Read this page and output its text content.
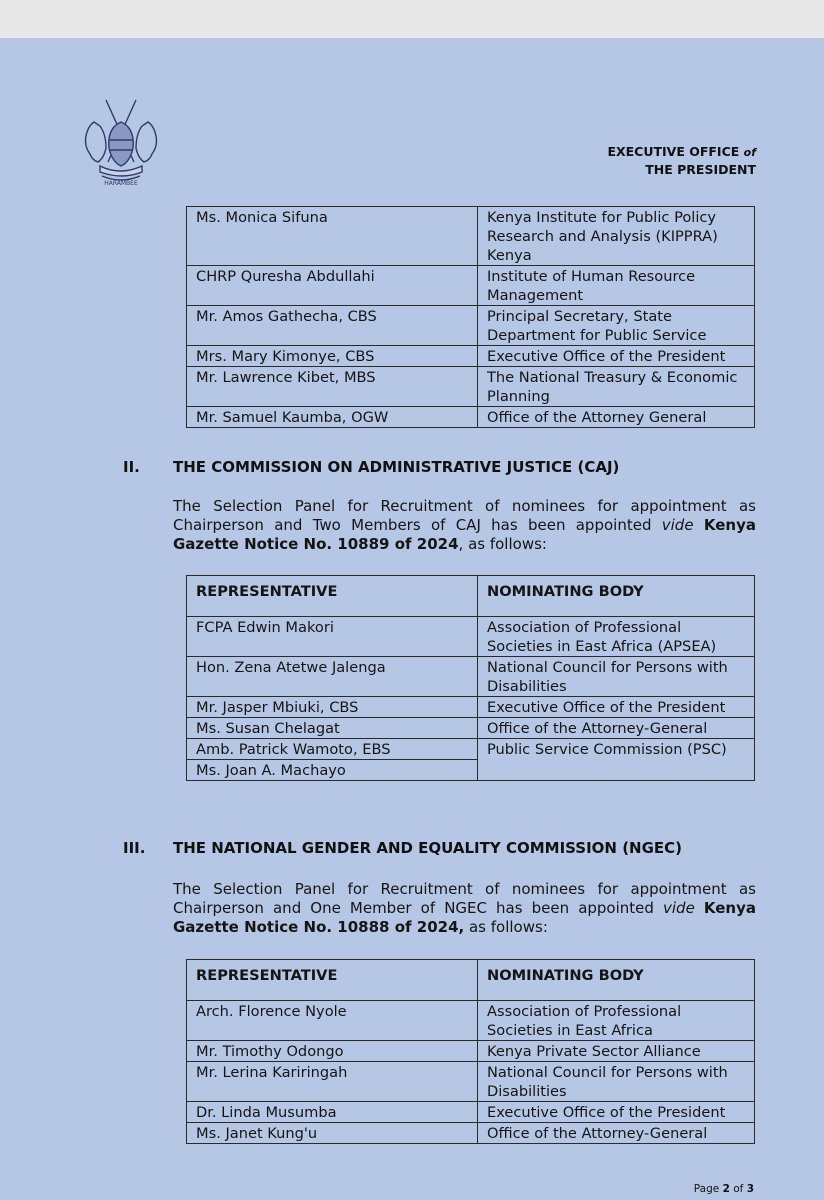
HARAMBEE
EXECUTIVE OFFICE of
THE PRESIDENT
Ms. Monica Sifuna	Kenya Institute for Public Policy Research and Analysis (KIPPRA) Kenya
CHRP Quresha Abdullahi	Institute of Human Resource Management
Mr. Amos Gathecha, CBS	Principal Secretary, State Department for Public Service
Mrs. Mary Kimonye, CBS	Executive Office of the President
Mr. Lawrence Kibet, MBS	The National Treasury & Economic Planning
Mr. Samuel Kaumba, OGW	Office of the Attorney General
II. THE COMMISSION ON ADMINISTRATIVE JUSTICE (CAJ)
The Selection Panel for Recruitment of nominees for appointment as Chairperson and Two Members of CAJ has been appointed vide Kenya Gazette Notice No. 10889 of 2024, as follows:
REPRESENTATIVE	NOMINATING BODY
FCPA Edwin Makori	Association of Professional Societies in East Africa (APSEA)
Hon. Zena Atetwe Jalenga	National Council for Persons with Disabilities
Mr. Jasper Mbiuki, CBS	Executive Office of the President
Ms. Susan Chelagat	Office of the Attorney-General
Amb. Patrick Wamoto, EBS	Public Service Commission (PSC)
Ms. Joan A. Machayo	
III. THE NATIONAL GENDER AND EQUALITY COMMISSION (NGEC)
The Selection Panel for Recruitment of nominees for appointment as Chairperson and One Member of NGEC has been appointed vide Kenya Gazette Notice No. 10888 of 2024, as follows:
REPRESENTATIVE	NOMINATING BODY
Arch. Florence Nyole	Association of Professional Societies in East Africa
Mr. Timothy Odongo	Kenya Private Sector Alliance
Mr. Lerina Kariringah	National Council for Persons with Disabilities
Dr. Linda Musumba	Executive Office of the President
Ms. Janet Kung'u	Office of the Attorney-General
Page 2 of 3
